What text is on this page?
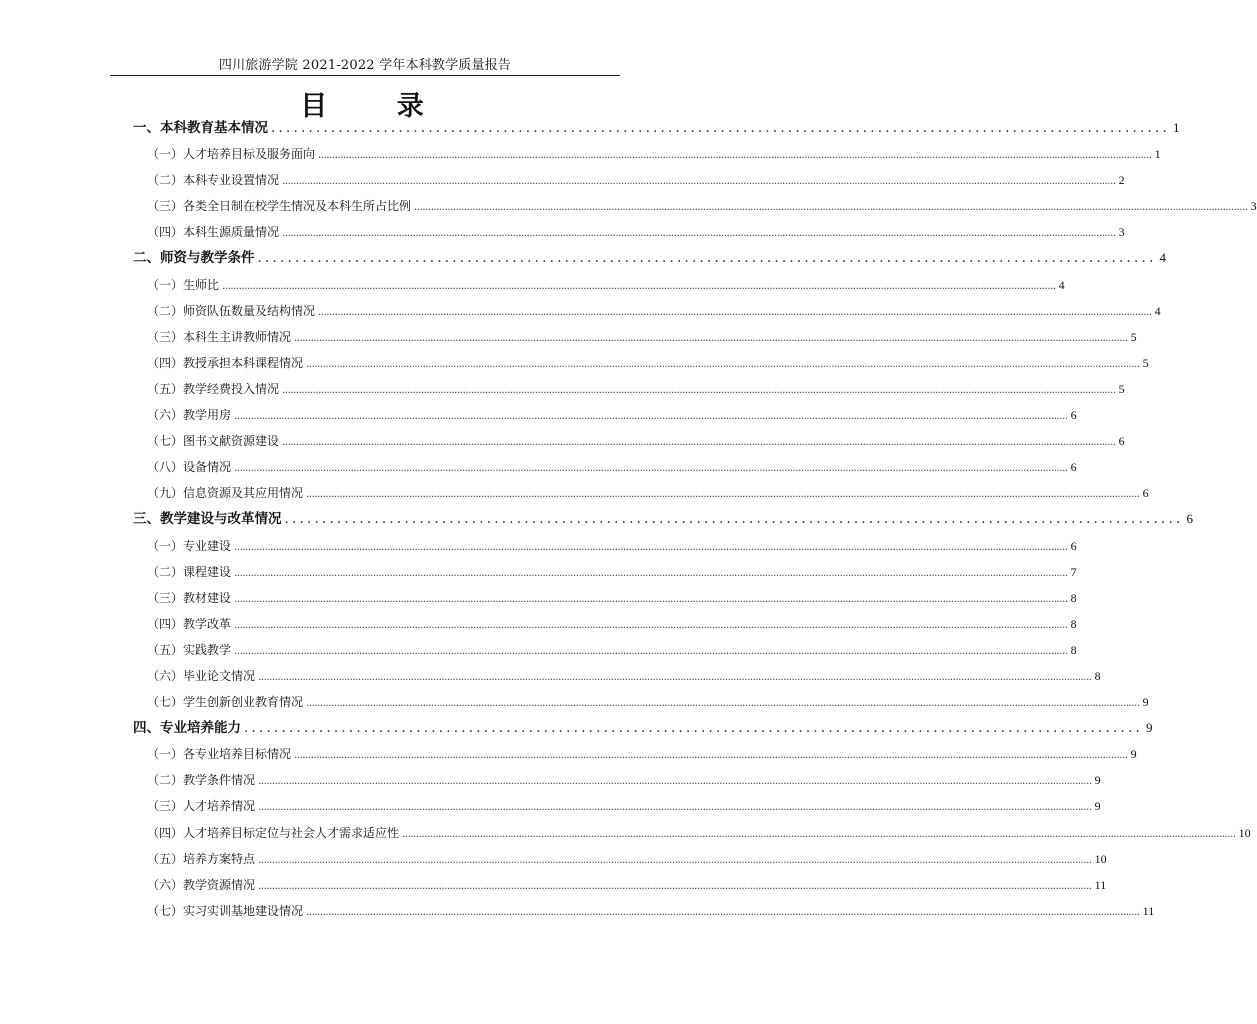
四川旅游学院 2021-2022 学年本科教学质量报告
目 录
一、本科教育基本情况 ........................................................................................................................ 1
（一）人才培养目标及服务面向 ............................................................................................................................................................................................................................................................................................................ 1
（二）本科专业设置情况 ............................................................................................................................................................................................................................................................................................................ 2
（三）各类全日制在校学生情况及本科生所占比例 ............................................................................................................................................................................................................................................................................................................ 3
（四）本科生源质量情况 ............................................................................................................................................................................................................................................................................................................ 3
二、师资与教学条件 ........................................................................................................................ 4
（一）生师比 ............................................................................................................................................................................................................................................................................................................ 4
（二）师资队伍数量及结构情况 ............................................................................................................................................................................................................................................................................................................ 4
（三）本科生主讲教师情况 ............................................................................................................................................................................................................................................................................................................ 5
（四）教授承担本科课程情况 ............................................................................................................................................................................................................................................................................................................ 5
（五）教学经费投入情况 ............................................................................................................................................................................................................................................................................................................ 5
（六）教学用房 ............................................................................................................................................................................................................................................................................................................ 6
（七）图书文献资源建设 ............................................................................................................................................................................................................................................................................................................ 6
（八）设备情况 ............................................................................................................................................................................................................................................................................................................ 6
（九）信息资源及其应用情况 ............................................................................................................................................................................................................................................................................................................ 6
三、教学建设与改革情况 ........................................................................................................................ 6
（一）专业建设 ............................................................................................................................................................................................................................................................................................................ 6
（二）课程建设 ............................................................................................................................................................................................................................................................................................................ 7
（三）教材建设 ............................................................................................................................................................................................................................................................................................................ 8
（四）教学改革 ............................................................................................................................................................................................................................................................................................................ 8
（五）实践教学 ............................................................................................................................................................................................................................................................................................................ 8
（六）毕业论文情况 ............................................................................................................................................................................................................................................................................................................ 8
（七）学生创新创业教育情况 ............................................................................................................................................................................................................................................................................................................ 9
四、专业培养能力 ........................................................................................................................ 9
（一）各专业培养目标情况 ............................................................................................................................................................................................................................................................................................................ 9
（二）教学条件情况 ............................................................................................................................................................................................................................................................................................................ 9
（三）人才培养情况 ............................................................................................................................................................................................................................................................................................................ 9
（四）人才培养目标定位与社会人才需求适应性 ............................................................................................................................................................................................................................................................................................................ 10
（五）培养方案特点 ............................................................................................................................................................................................................................................................................................................ 10
（六）教学资源情况 ............................................................................................................................................................................................................................................................................................................ 11
（七）实习实训基地建设情况 ............................................................................................................................................................................................................................................................................................................ 11
